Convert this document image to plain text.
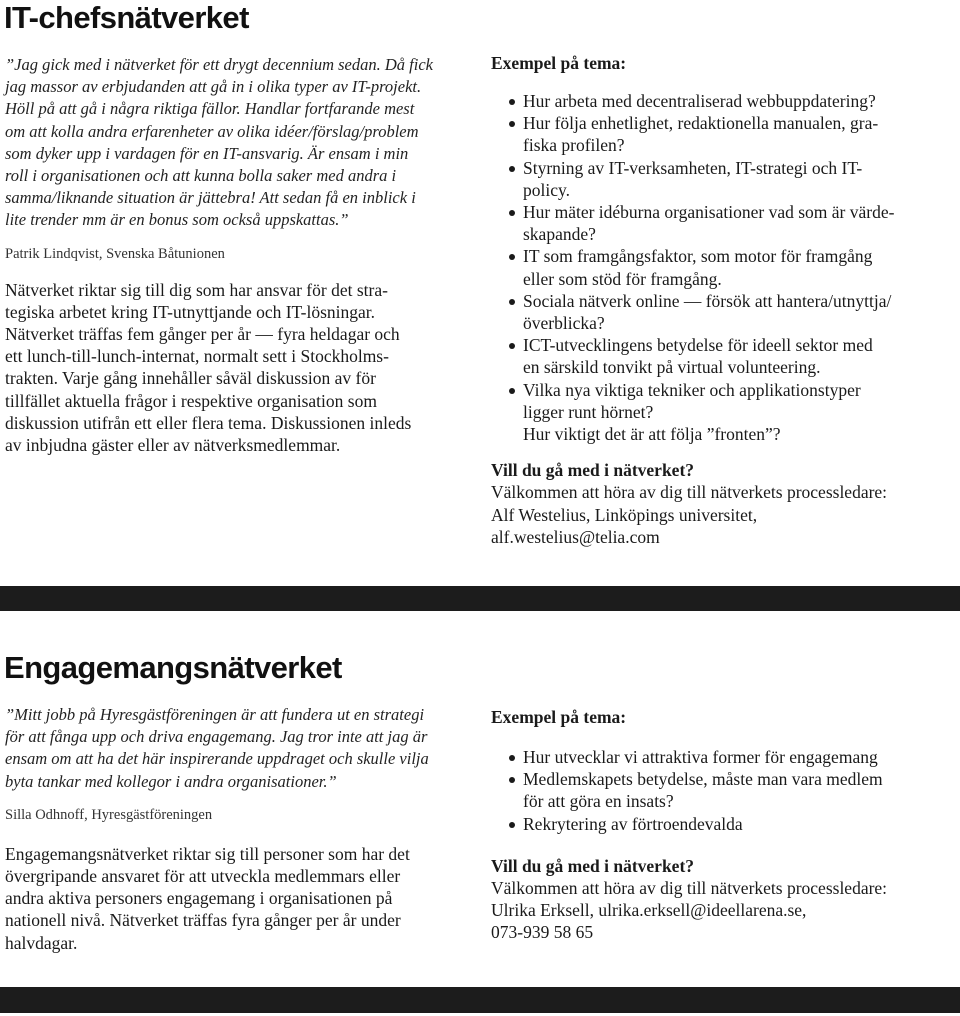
IT-chefsnätverket
”Jag gick med i nätverket för ett drygt decennium sedan. Då fick
jag massor av erbjudanden att gå in i olika typer av IT-projekt.
Höll på att gå i några riktiga fällor. Handlar fortfarande mest
om att kolla andra erfarenheter av olika idéer/förslag/problem
som dyker upp i vardagen för en IT-ansvarig. Är ensam i min
roll i organisationen och att kunna bolla saker med andra i
samma/liknande situation är jättebra! Att sedan få en inblick i
lite trender mm är en bonus som också uppskattas.”
Patrik Lindqvist, Svenska Båtunionen
Nätverket riktar sig till dig som har ansvar för det stra-
tegiska arbetet kring IT-utnyttjande och IT-lösningar.
Nätverket träffas fem gånger per år — fyra heldagar och
ett lunch-till-lunch-internat, normalt sett i Stockholms-
trakten. Varje gång innehåller såväl diskussion av för
tillfället aktuella frågor i respektive organisation som
diskussion utifrån ett eller flera tema. Diskussionen inleds
av inbjudna gäster eller av nätverksmedlemmar.
Exempel på tema:
Hur arbeta med decentraliserad webbuppdatering?
Hur följa enhetlighet, redaktionella manualen, gra-
fiska profilen?
Styrning av IT-verksamheten, IT-strategi och IT-
policy.
Hur mäter idéburna organisationer vad som är värde-
skapande?
IT som framgångsfaktor, som motor för framgång
eller som stöd för framgång.
Sociala nätverk online — försök att hantera/utnyttja/
överblicka?
ICT-utvecklingens betydelse för ideell sektor med
en särskild tonvikt på virtual volunteering.
Vilka nya viktiga tekniker och applikationstyper
ligger runt hörnet?
Hur viktigt det är att följa ”fronten”?
Vill du gå med i nätverket?
Välkommen att höra av dig till nätverkets processledare:
Alf Westelius, Linköpings universitet,
alf.westelius@telia.com
Engagemangsnätverket
”Mitt jobb på Hyresgästföreningen är att fundera ut en strategi
för att fånga upp och driva engagemang. Jag tror inte att jag är
ensam om att ha det här inspirerande uppdraget och skulle vilja
byta tankar med kollegor i andra organisationer.”
Silla Odhnoff, Hyresgästföreningen
Engagemangsnätverket riktar sig till personer som har det
övergripande ansvaret för att utveckla medlemmars eller
andra aktiva personers engagemang i organisationen på
nationell nivå. Nätverket träffas fyra gånger per år under
halvdagar.
Exempel på tema:
Hur utvecklar vi attraktiva former för engagemang
Medlemskapets betydelse, måste man vara medlem
för att göra en insats?
Rekrytering av förtroendevalda
Vill du gå med i nätverket?
Välkommen att höra av dig till nätverkets processledare:
Ulrika Erksell, ulrika.erksell@ideellarena.se,
073-939 58 65
